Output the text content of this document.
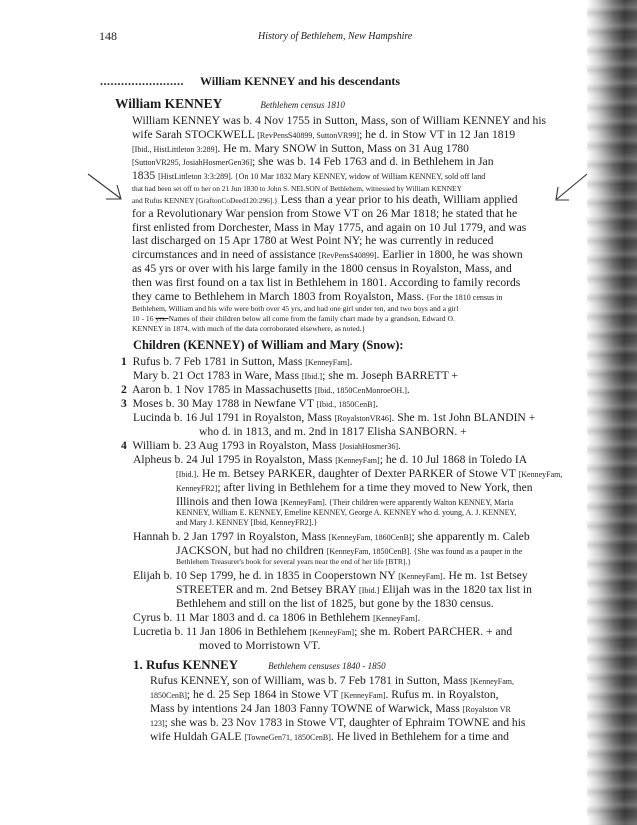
148	History of Bethlehem, New Hampshire
........................ William KENNEY and his descendants
William KENNEY	Bethlehem census 1810
William KENNEY was b. 4 Nov 1755 in Sutton, Mass, son of William KENNEY and his
wife Sarah STOCKWELL [RevPensS40899, SuttonVR99]; he d. in Stow VT in 12 Jan 1819
[Ibid., HistLittleton 3:289]. He m. Mary SNOW in Sutton, Mass on 31 Aug 1780
[SuttonVR295, JosiahHosmerGen36]; she was b. 14 Feb 1763 and d. in Bethlehem in Jan
1835 [HistLittleton 3:3:289]. {On 10 Mar 1832 Mary KENNEY, widow of William KENNEY, sold off land
that had been set off to her on 21 Jun 1830 to John S. NELSON of Bethlehem, witnessed by William KENNEY
and Rufus KENNEY [GraftonCoDeed120:296].} Less than a year prior to his death, William applied
for a Revolutionary War pension from Stowe VT on 26 Mar 1818; he stated that he
first enlisted from Dorchester, Mass in May 1775, and again on 10 Jul 1779, and was
last discharged on 15 Apr 1780 at West Point NY; he was currently in reduced
circumstances and in need of assistance [RevPensS40899]. Earlier in 1800, he was shown
as 45 yrs or over with his large family in the 1800 census in Royalston, Mass, and
then was first found on a tax list in Bethlehem in 1801. According to family records
they came to Bethlehem in March 1803 from Royalston, Mass. {For the 1810 census in
Bethlehem, William and his wife were both over 45 yrs, and had one girl under ten, and two boys and a girl
10 - 16 yrs. Names of their children below all come from the family chart made by a grandson, Edward O.
KENNEY in 1874, with much of the data corroborated elsewhere, as noted.}
Children (KENNEY) of William and Mary (Snow):
1 Rufus b. 7 Feb 1781 in Sutton, Mass [KenneyFam].
Mary b. 21 Oct 1783 in Ware, Mass [Ibid.]; she m. Joseph BARRETT +
2 Aaron b. 1 Nov 1785 in Massachusetts [Ibid., 1850CenMonroeOH.].
3 Moses b. 30 May 1788 in Newfane VT [Ibid., 1850CenB].
Lucinda b. 16 Jul 1791 in Royalston, Mass [RoyalstonVR46]. She m. 1st John BLANDIN +
who d. in 1813, and m. 2nd in 1817 Elisha SANBORN. +
4 William b. 23 Aug 1793 in Royalston, Mass [JosiahHosmer36].
Alpheus b. 24 Jul 1795 in Royalston, Mass [KenneyFam]; he d. 10 Jul 1868 in Toledo IA
[Ibid.]. He m. Betsey PARKER, daughter of Dexter PARKER of Stowe VT [KenneyFam,
KenneyFR2]; after living in Bethlehem for a time they moved to New York, then
Illinois and then Iowa [KenneyFam]. {Their children were apparently Walton KENNEY, Maria
KENNEY, William E. KENNEY, Emeline KENNEY, George A. KENNEY who d. young, A. J. KENNEY,
and Mary J. KENNEY [Ibid, KenneyFR2].}
Hannah b. 2 Jan 1797 in Royalston, Mass [KenneyFam, 1860CenB]; she apparently m. Caleb
JACKSON, but had no children [KenneyFam, 1850CenB]. {She was found as a pauper in the
Bethlehem Treasurer's book for several years near the end of her life [BTR].}
Elijah b. 10 Sep 1799, he d. in 1835 in Cooperstown NY [KenneyFam]. He m. 1st Betsey
STREETER and m. 2nd Betsey BRAY [Ibid.] Elijah was in the 1820 tax list in
Bethlehem and still on the list of 1825, but gone by the 1830 census.
Cyrus b. 11 Mar 1803 and d. ca 1806 in Bethlehem [KenneyFam].
Lucretia b. 11 Jan 1806 in Bethlehem [KenneyFam]; she m. Robert PARCHER. + and
moved to Morristown VT.
1. Rufus KENNEY	Bethlehem censuses 1840 - 1850
Rufus KENNEY, son of William, was b. 7 Feb 1781 in Sutton, Mass [KenneyFam,
1850CenB]; he d. 25 Sep 1864 in Stowe VT [KenneyFam]. Rufus m. in Royalston,
Mass by intentions 24 Jan 1803 Fanny TOWNE of Warwick, Mass [Royalston VR
123]; she was b. 23 Nov 1783 in Stowe VT, daughter of Ephraim TOWNE and his
wife Huldah GALE [TowneGen71, 1850CenB]. He lived in Bethlehem for a time and
